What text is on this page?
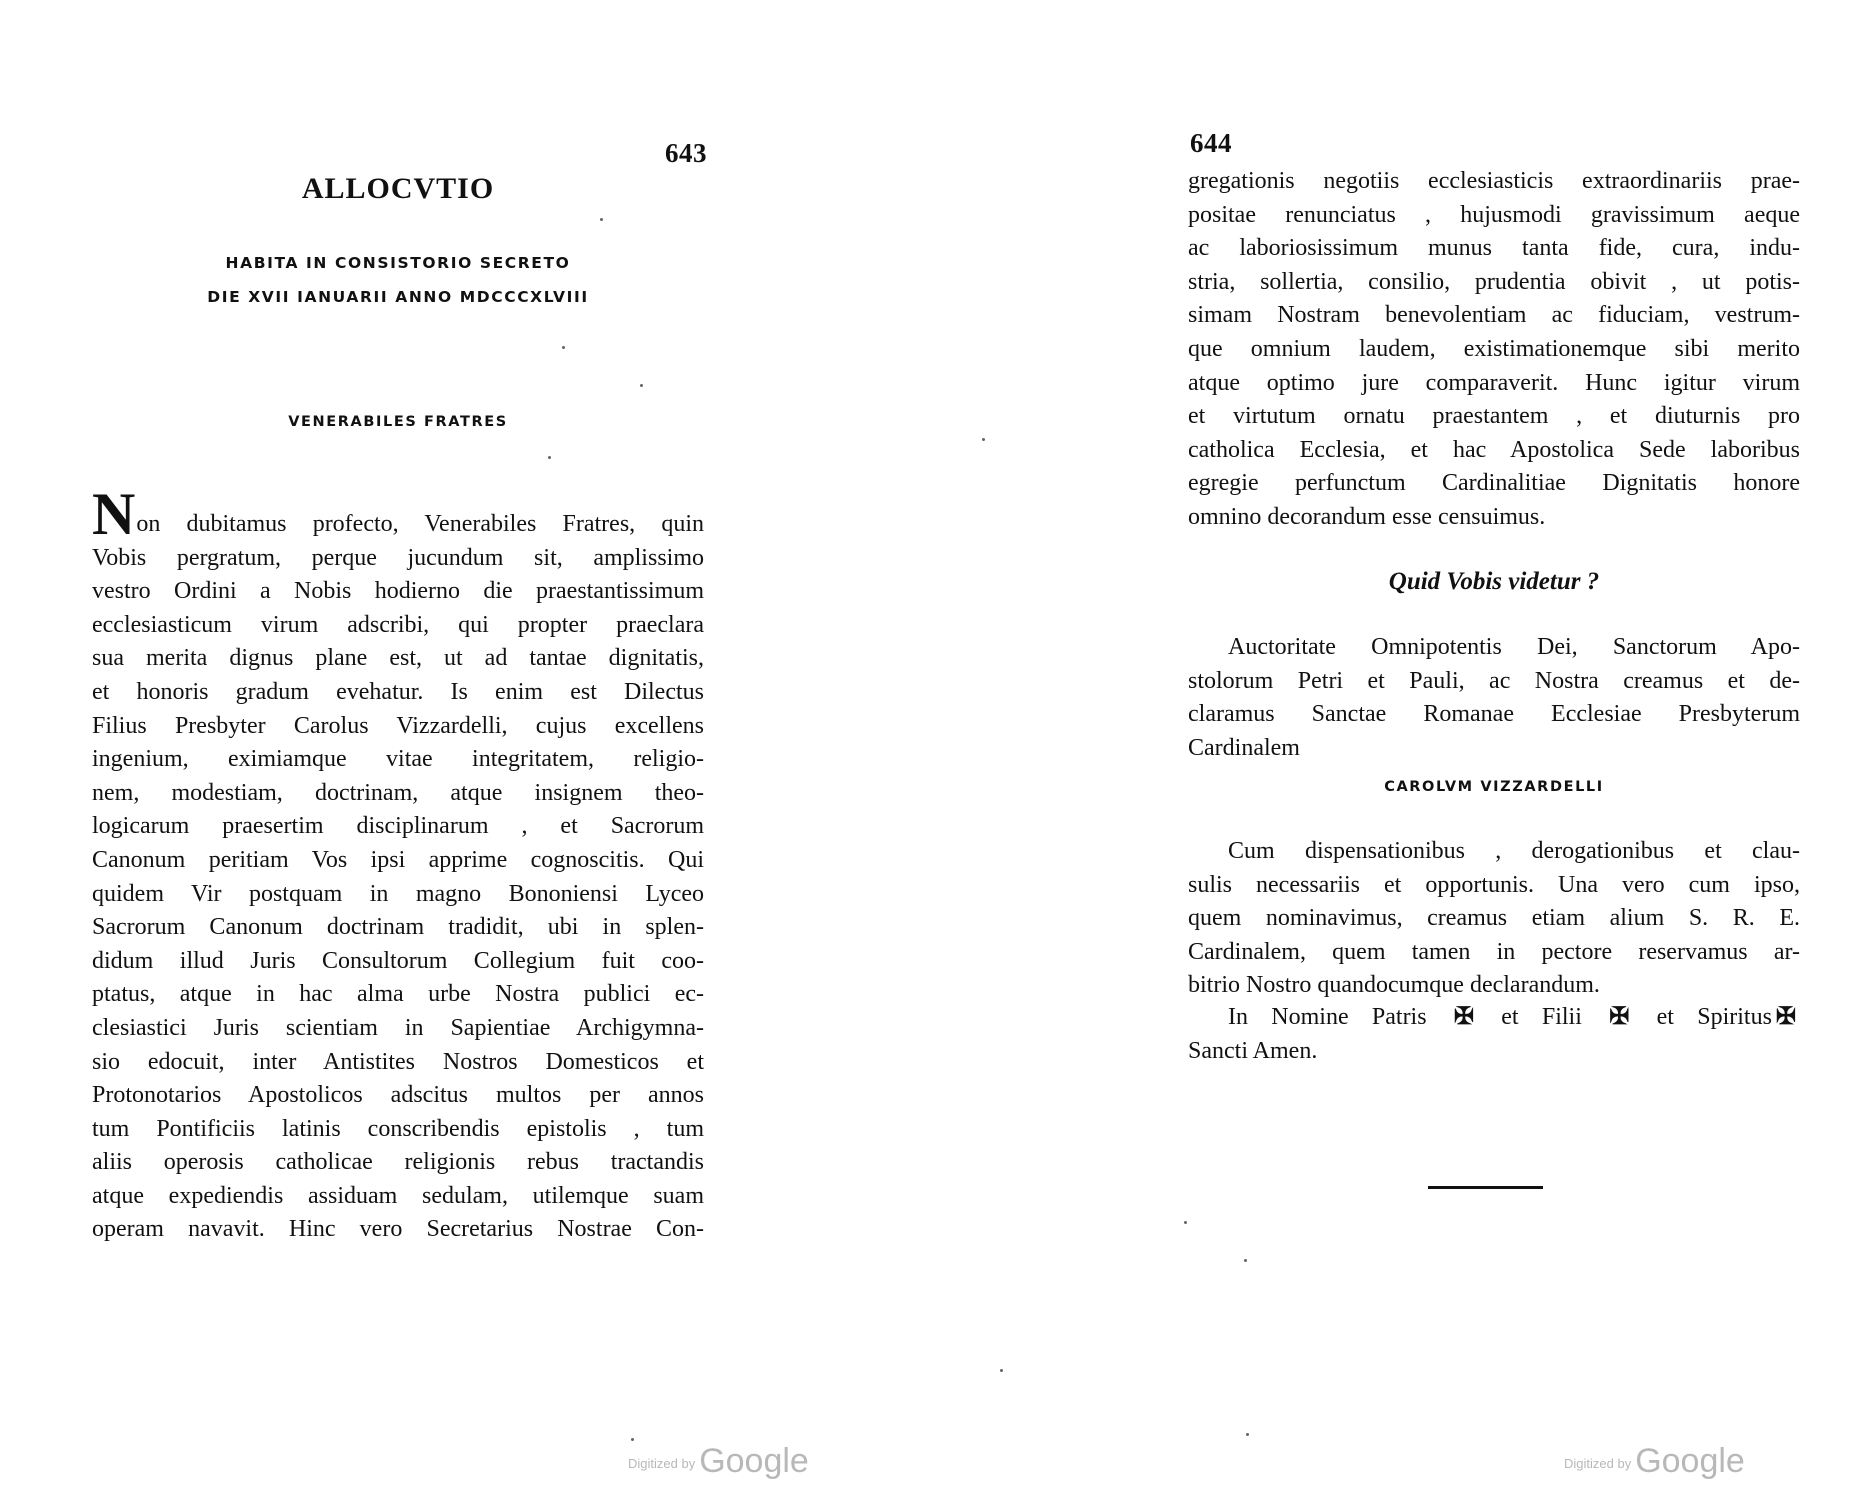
643
ALLOCVTIO
HABITA IN CONSISTORIO SECRETO
DIE XVII IANUARII ANNO MDCCCXLVIII
VENERABILES FRATRES
Non dubitamus profecto, Venerabiles Fratres, quin
Vobis pergratum, perque jucundum sit, amplissimo
vestro Ordini a Nobis hodierno die praestantissimum
ecclesiasticum virum adscribi, qui propter praeclara
sua merita dignus plane est, ut ad tantae dignitatis,
et honoris gradum evehatur. Is enim est Dilectus
Filius Presbyter Carolus Vizzardelli, cujus excellens
ingenium, eximiamque vitae integritatem, religio-
nem, modestiam, doctrinam, atque insignem theo-
logicarum praesertim disciplinarum , et Sacrorum
Canonum peritiam Vos ipsi apprime cognoscitis. Qui
quidem Vir postquam in magno Bononiensi Lyceo
Sacrorum Canonum doctrinam tradidit, ubi in splen-
didum illud Juris Consultorum Collegium fuit coo-
ptatus, atque in hac alma urbe Nostra publici ec-
clesiastici Juris scientiam in Sapientiae Archigymna-
sio edocuit, inter Antistites Nostros Domesticos et
Protonotarios Apostolicos adscitus multos per annos
tum Pontificiis latinis conscribendis epistolis , tum
aliis operosis catholicae religionis rebus tractandis
atque expediendis assiduam sedulam, utilemque suam
operam navavit. Hinc vero Secretarius Nostrae Con-
$^{Digitized by}$ Google
644
gregationis negotiis ecclesiasticis extraordinariis prae-
positae renunciatus , hujusmodi gravissimum aeque
ac laboriosissimum munus tanta fide, cura, indu-
stria, sollertia, consilio, prudentia obivit , ut potis-
simam Nostram benevolentiam ac fiduciam, vestrum-
que omnium laudem, existimationemque sibi merito
atque optimo jure comparaverit. Hunc igitur virum
et virtutum ornatu praestantem , et diuturnis pro
catholica Ecclesia, et hac Apostolica Sede laboribus
egregie perfunctum Cardinalitiae Dignitatis honore
omnino decorandum esse censuimus.
Quid Vobis videtur ?
Auctoritate Omnipotentis Dei, Sanctorum Apo-
stolorum Petri et Pauli, ac Nostra creamus et de-
claramus Sanctae Romanae Ecclesiae Presbyterum
Cardinalem
CAROLVM VIZZARDELLI
Cum dispensationibus , derogationibus et clau-
sulis necessariis et opportunis. Una vero cum ipso,
quem nominavimus, creamus etiam alium S. R. E.
Cardinalem, quem tamen in pectore reservamus ar-
bitrio Nostro quandocumque declarandum.
In Nomine Patris ✠ et Filii ✠ et Spiritus ✠
Sancti Amen.
$^{Digitized by}$ Google
